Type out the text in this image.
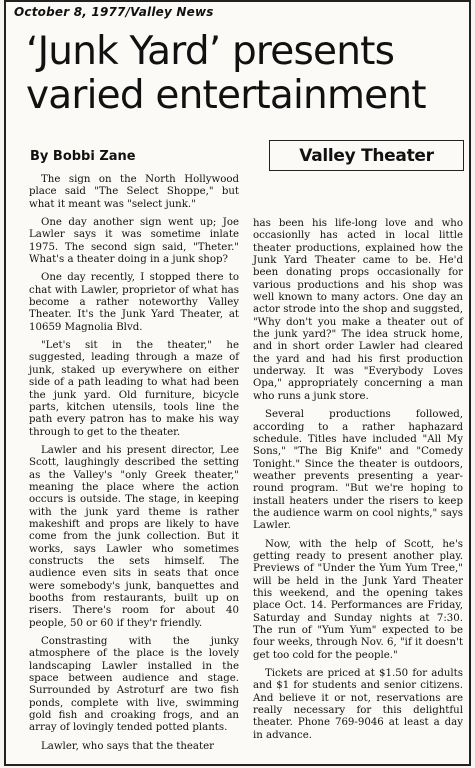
October 8, 1977/Valley News
‘Junk Yard’ presents
varied entertainment
By Bobbi Zane	Valley Theater

The sign on the North Hollywood place said "The Select Shoppe," but what it meant was "select junk."

One day another sign went up; Joe Lawler says it was sometime inlate 1975. The second sign said, "Theter." What's a theater doing in a junk shop?

One day recently, I stopped there to chat with Lawler, proprietor of what has become a rather noteworthy Valley Theater. It's the Junk Yard Theater, at 10659 Magnolia Blvd.

"Let's sit in the theater," he suggested, leading through a maze of junk, staked up everywhere on either side of a path leading to what had been the junk yard. Old furniture, bicycle parts, kitchen utensils, tools line the path every patron has to make his way through to get to the theater.

Lawler and his present director, Lee Scott, laughingly described the setting as the Valley's "only Greek theater," meaning the place where the action occurs is outside. The stage, in keeping with the junk yard theme is rather makeshift and props are likely to have come from the junk collection. But it works, says Lawler who sometimes constructs the sets himself. The audience even sits in seats that once were somebody's junk, banquettes and booths from restaurants, built up on risers. There's room for about 40 people, 50 or 60 if they'r friendly.

Constrasting with the junky atmosphere of the place is the lovely landscaping Lawler installed in the space between audience and stage. Surrounded by Astroturf are two fish ponds, complete with live, swimming gold fish and croaking frogs, and an array of lovingly tended potted plants.

Lawler, who says that the theater

has been his life-long love and who occasionlly has acted in local little theater productions, explained how the Junk Yard Theater came to be. He'd been donating props occasionally for various productions and his shop was well known to many actors. One day an actor strode into the shop and suggsted, "Why don't you make a theater out of the junk yard?" The idea struck home, and in short order Lawler had cleared the yard and had his first production underway. It was "Everybody Loves Opa," appropriately concerning a man who runs a junk store.

Several productions followed, according to a rather haphazard schedule. Titles have included "All My Sons," "The Big Knife" and "Comedy Tonight." Since the theater is outdoors, weather prevents presenting a year-round program. "But we're hoping to install heaters under the risers to keep the audience warm on cool nights," says Lawler.

Now, with the help of Scott, he's getting ready to present another play. Previews of "Under the Yum Yum Tree," will be held in the Junk Yard Theater this weekend, and the opening takes place Oct. 14. Performances are Friday, Saturday and Sunday nights at 7:30. The run of "Yum Yum" expected to be four weeks, through Nov. 6, "if it doesn't get too cold for the people."

Tickets are priced at $1.50 for adults and $1 for students and senior citizens. And believe it or not, reservations are really necessary for this delightful theater. Phone 769-9046 at least a day in advance.
